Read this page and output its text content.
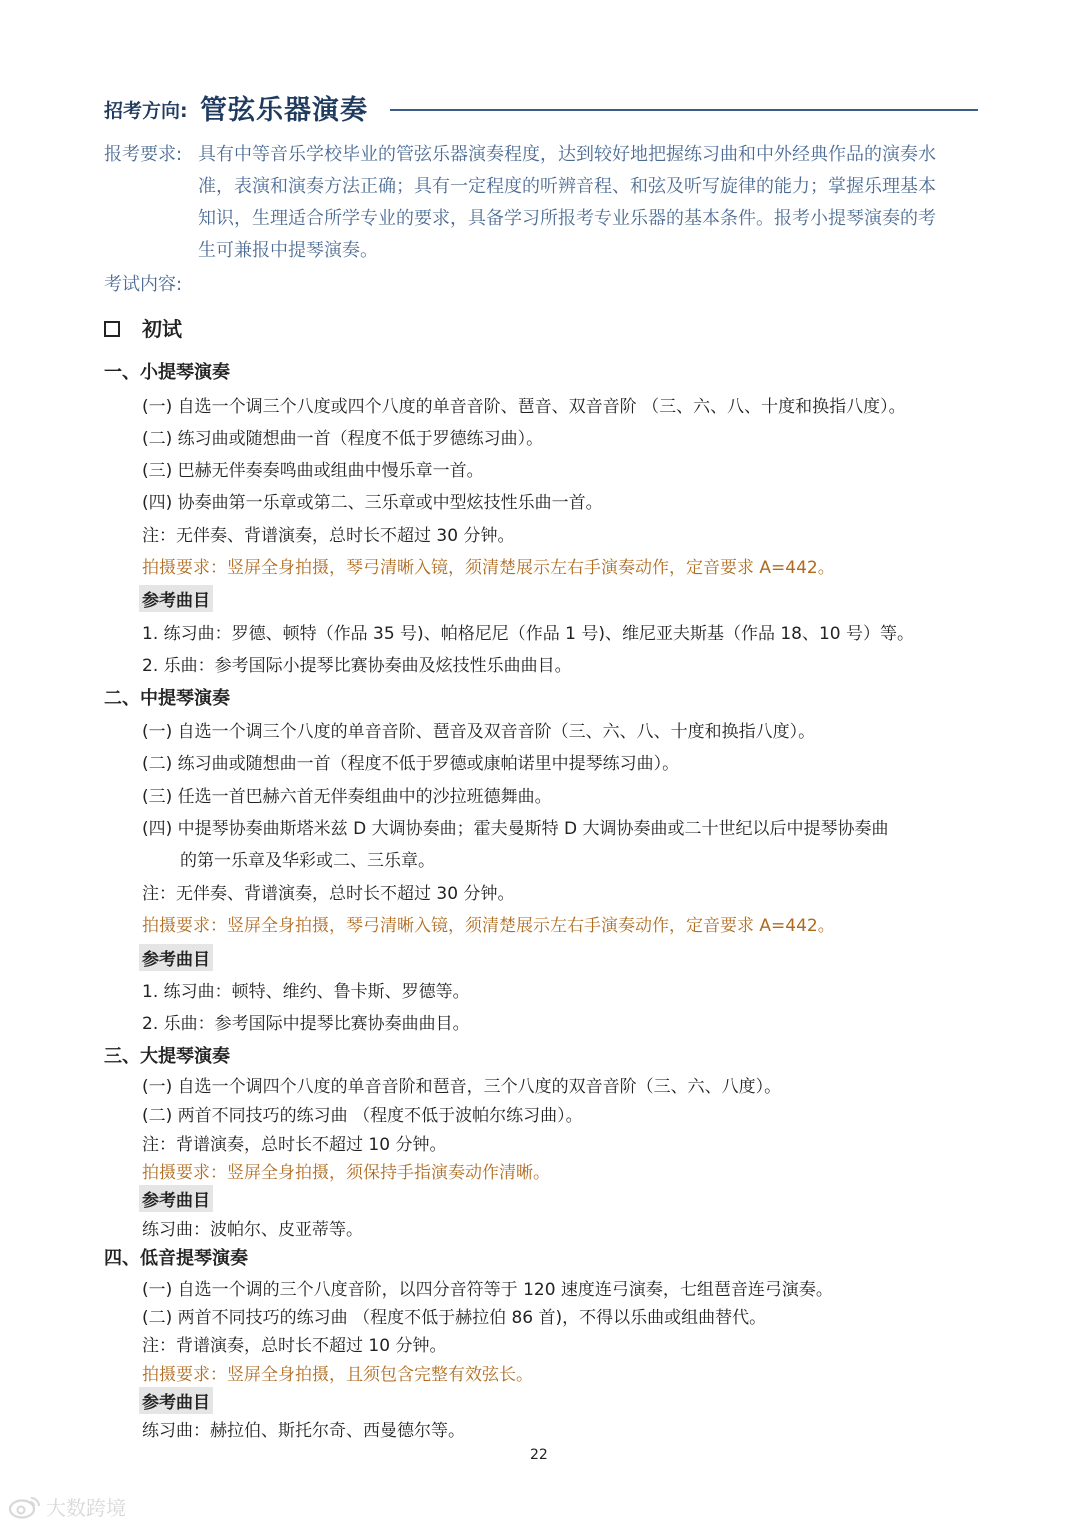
招考方向: 管弦乐器演奏
报考要求: 具有中等音乐学校毕业的管弦乐器演奏程度，达到较好地把握练习曲和中外经典作品的演奏水
准，表演和演奏方法正确；具有一定程度的听辨音程、和弦及听写旋律的能力；掌握乐理基本
知识，生理适合所学专业的要求，具备学习所报考专业乐器的基本条件。报考小提琴演奏的考
生可兼报中提琴演奏。
考试内容:
初试
一、小提琴演奏
(一) 自选一个调三个八度或四个八度的单音音阶、琶音、双音音阶 （三、六、八、十度和换指八度）。
(二) 练习曲或随想曲一首（程度不低于罗德练习曲）。
(三) 巴赫无伴奏奏鸣曲或组曲中慢乐章一首。
(四) 协奏曲第一乐章或第二、三乐章或中型炫技性乐曲一首。
注：无伴奏、背谱演奏，总时长不超过 30 分钟。
拍摄要求：竖屏全身拍摄，琴弓清晰入镜，须清楚展示左右手演奏动作，定音要求 A=442。
参考曲目
1. 练习曲：罗德、顿特（作品 35 号)、帕格尼尼（作品 1 号)、维尼亚夫斯基（作品 18、10 号）等。
2. 乐曲：参考国际小提琴比赛协奏曲及炫技性乐曲曲目。
二、中提琴演奏
(一) 自选一个调三个八度的单音音阶、琶音及双音音阶（三、六、八、十度和换指八度）。
(二) 练习曲或随想曲一首（程度不低于罗德或康帕诺里中提琴练习曲）。
(三) 任选一首巴赫六首无伴奏组曲中的沙拉班德舞曲。
(四) 中提琴协奏曲斯塔米兹 D 大调协奏曲；霍夫曼斯特 D 大调协奏曲或二十世纪以后中提琴协奏曲
的第一乐章及华彩或二、三乐章。
注：无伴奏、背谱演奏，总时长不超过 30 分钟。
拍摄要求：竖屏全身拍摄，琴弓清晰入镜，须清楚展示左右手演奏动作，定音要求 A=442。
参考曲目
1. 练习曲：顿特、维约、鲁卡斯、罗德等。
2. 乐曲：参考国际中提琴比赛协奏曲曲目。
三、大提琴演奏
(一) 自选一个调四个八度的单音音阶和琶音，三个八度的双音音阶（三、六、八度）。
(二) 两首不同技巧的练习曲 （程度不低于波帕尔练习曲）。
注：背谱演奏，总时长不超过 10 分钟。
拍摄要求：竖屏全身拍摄，须保持手指演奏动作清晰。
参考曲目
练习曲：波帕尔、皮亚蒂等。
四、低音提琴演奏
(一) 自选一个调的三个八度音阶，以四分音符等于 120 速度连弓演奏，七组琶音连弓演奏。
(二) 两首不同技巧的练习曲 （程度不低于赫拉伯 86 首)，不得以乐曲或组曲替代。
注：背谱演奏，总时长不超过 10 分钟。
拍摄要求：竖屏全身拍摄，且须包含完整有效弦长。
参考曲目
练习曲：赫拉伯、斯托尔奇、西曼德尔等。
22
大数跨境
